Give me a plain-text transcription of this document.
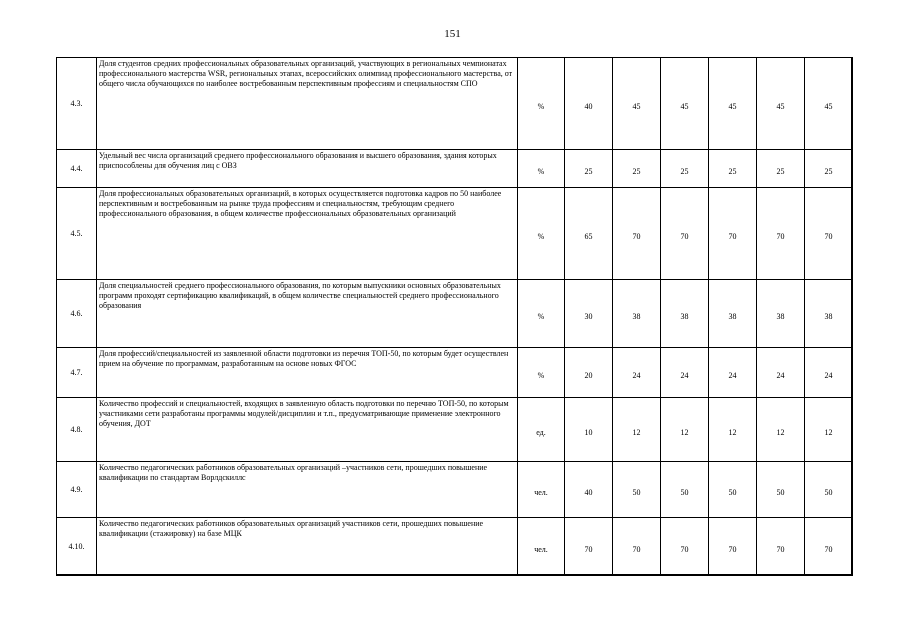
151
4.3.	Доля студентов средних профессиональных образовательных организаций, участвующих в региональных чемпионатах профессионального мастерства WSR, региональных этапах, всероссийских олимпиад профессионального мастерства, от общего числа обучающихся по наиболее востребованным перспективным профессиям и специальностям СПО	%	40	45	45	45	45	45
4.4.	Удельный вес числа организаций среднего профессионального образования и высшего образования, здания которых приспособлены для обучения лиц с ОВЗ	%	25	25	25	25	25	25
4.5.	Доля профессиональных образовательных организаций, в которых осуществляется подготовка кадров по 50 наиболее перспективным и востребованным на рынке труда профессиям и специальностям, требующим среднего профессионального образования, в общем количестве профессиональных образовательных организаций	%	65	70	70	70	70	70
4.6.	Доля специальностей среднего профессионального образования, по которым выпускники основных образовательных программ проходят сертификацию квалификаций, в общем количестве специальностей среднего профессионального образования	%	30	38	38	38	38	38
4.7.	Доля профессий/специальностей из заявленной области подготовки из перечня ТОП-50, по которым будет осуществлен прием на обучение по программам, разработанным на основе новых ФГОС	%	20	24	24	24	24	24
4.8.	Количество профессий и специальностей, входящих в заявленную область подготовки по перечню ТОП-50, по которым участниками сети разработаны программы модулей/дисциплин и т.п., предусматривающие применение электронного обучения, ДОТ	ед.	10	12	12	12	12	12
4.9.	Количество педагогических работников образовательных организаций –участников сети, прошедших повышение квалификации по стандартам Ворлдскиллс	чел.	40	50	50	50	50	50
4.10.	Количество педагогических работников образовательных организаций участников сети, прошедших повышение квалификации (стажировку) на базе МЦК	чел.	70	70	70	70	70	70
